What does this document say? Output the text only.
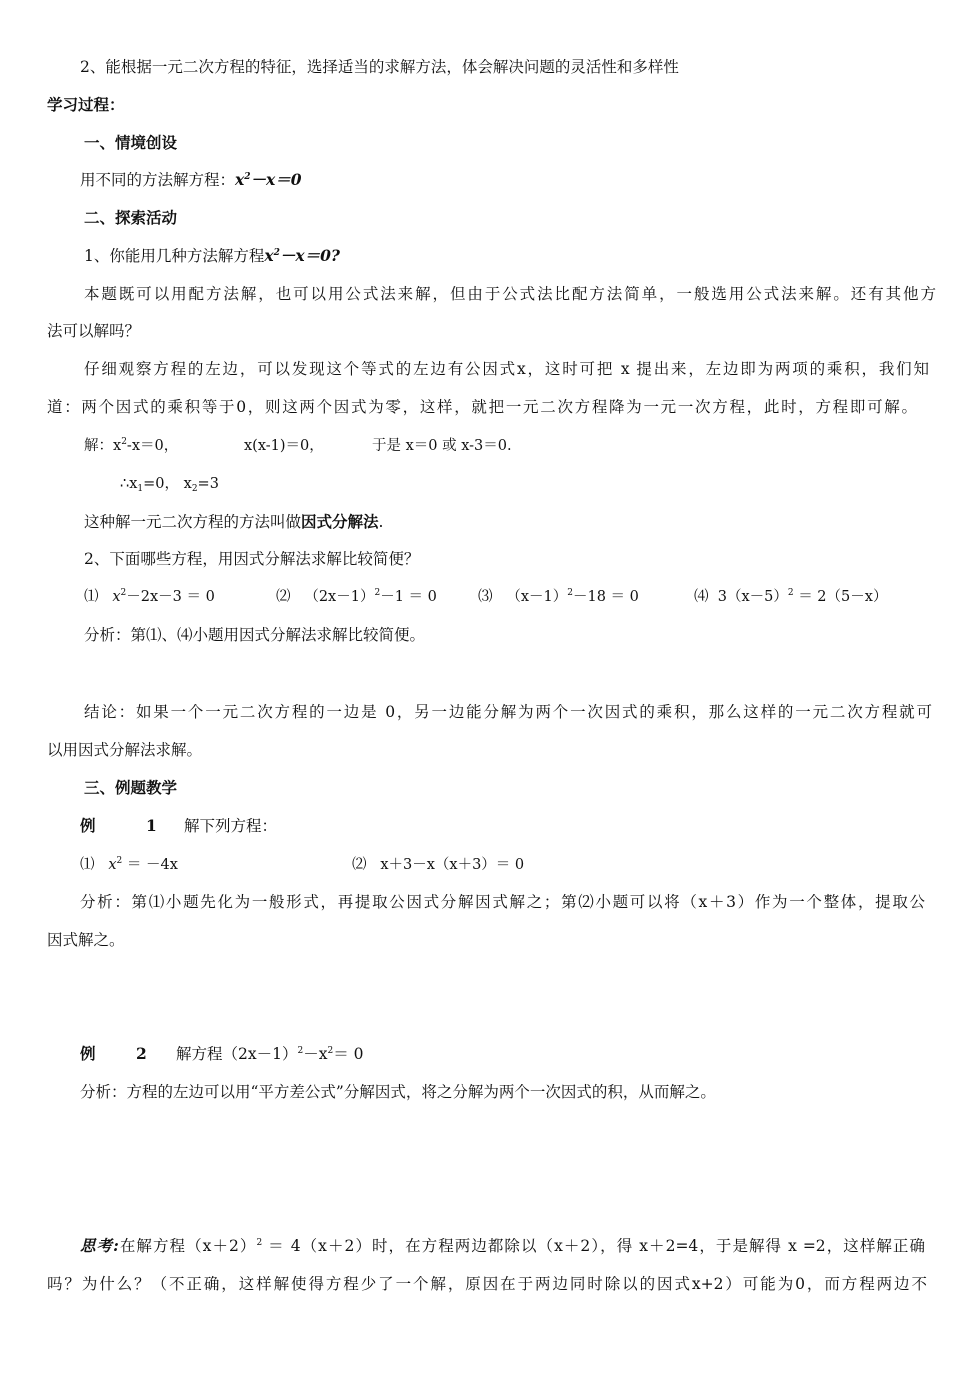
2、能根据一元二次方程的特征，选择适当的求解方法，体会解决问题的灵活性和多样性
学习过程：
一、情境创设
用不同的方法解方程：$x^2-x=0$
二、探索活动
1、你能用几种方法解方程$x^2-x=0$?
本题既可以用配方法解，也可以用公式法来解，但由于公式法比配方法简单，一般选用公式法来解。还有其他方
法可以解吗？
仔细观察方程的左边，可以发现这个等式的左边有公因式x，这时可把 x 提出来，左边即为两项的乘积，我们知
道：两个因式的乘积等于0，则这两个因式为零，这样，就把一元二次方程降为一元一次方程，此时，方程即可解。
解：$x^2-x=0$，	x(x-1)＝0，	于是 x＝0 或 x-3＝0.
$\therefore x_1=0$， $x_2=3$
这种解一元二次方程的方法叫做因式分解法.
2、下面哪些方程，用因式分解法求解比较简便？
⑴ $x^2-2x-3 = 0$	⑵ $(2x-1)^2-1 = 0$	⑶ $(x-1)^2-18 = 0$	⑷ $3(x-5)^2 = 2(5-x)$
分析：第⑴、⑷小题用因式分解法求解比较简便。
结论：如果一个一元二次方程的一边是 0，另一边能分解为两个一次因式的乘积，那么这样的一元二次方程就可
以用因式分解法求解。
三、例题教学
例	1 解下列方程：
⑴ $x^2 = -4x$	⑵ x＋3－x（x＋3）＝ 0
分析：第⑴小题先化为一般形式，再提取公因式分解因式解之；第⑵小题可以将（x＋3）作为一个整体，提取公
因式解之。
例	2 解方程$(2x-1)^2-x^2= 0$
分析：方程的左边可以用“平方差公式”分解因式，将之分解为两个一次因式的积，从而解之。
思考:在解方程$(x+2)^2 = 4(x+2)$时，在方程两边都除以（x＋2），得 x＋2=4，于是解得 x =2，这样解正确
吗？为什么？（不正确，这样解使得方程少了一个解，原因在于两边同时除以的因式x+2）可能为0，而方程两边不
